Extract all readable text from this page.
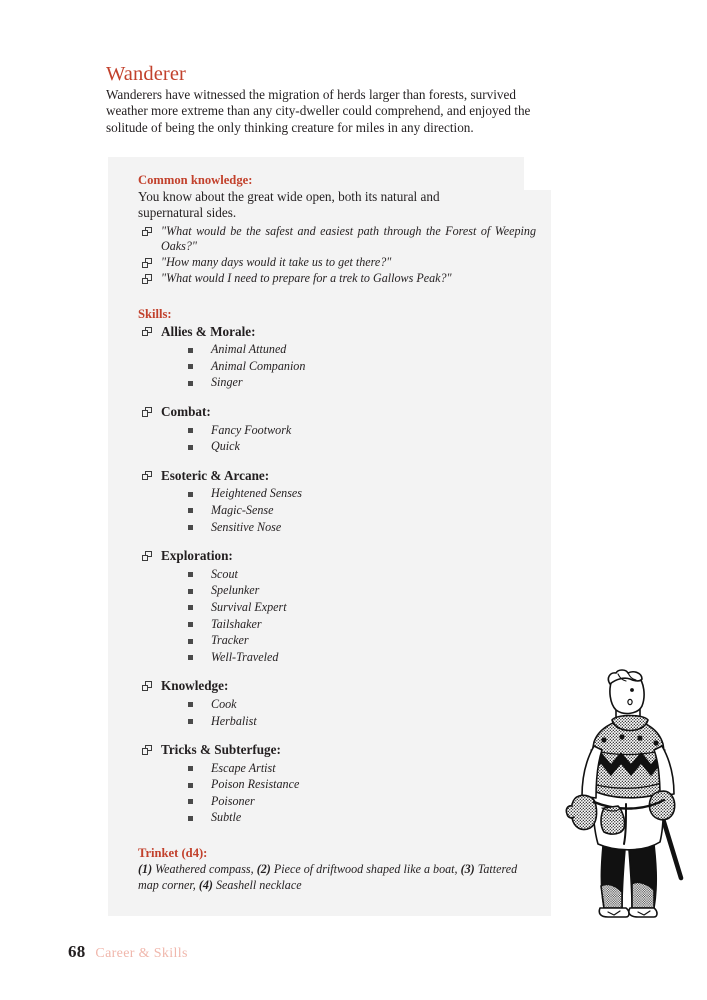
Wanderer

Wanderers have witnessed the migration of herds larger than forests, survived weather more extreme than any city-dweller could comprehend, and enjoyed the solitude of being the only thinking creature for miles in any direction.

Common knowledge:

You know about the great wide open, both its natural and supernatural sides.

"What would be the safest and easiest path through the Forest of Weeping Oaks?"

"How many days would it take us to get there?"

"What would I need to prepare for a trek to Gallows Peak?"

Skills:

Allies & Morale:

Animal Attuned
Animal Companion
Singer

Combat:

Fancy Footwork
Quick

Esoteric & Arcane:

Heightened Senses
Magic-Sense
Sensitive Nose

Exploration:

Scout
Spelunker
Survival Expert
Tailshaker
Tracker
Well-Traveled

Knowledge:

Cook
Herbalist

Tricks & Subterfuge:

Escape Artist
Poison Resistance
Poisoner
Subtle
Trinket (d4):

(1) Weathered compass, (2) Piece of driftwood shaped like a boat, (3) Tattered map corner, (4) Seashell necklace

68 Career & Skills
